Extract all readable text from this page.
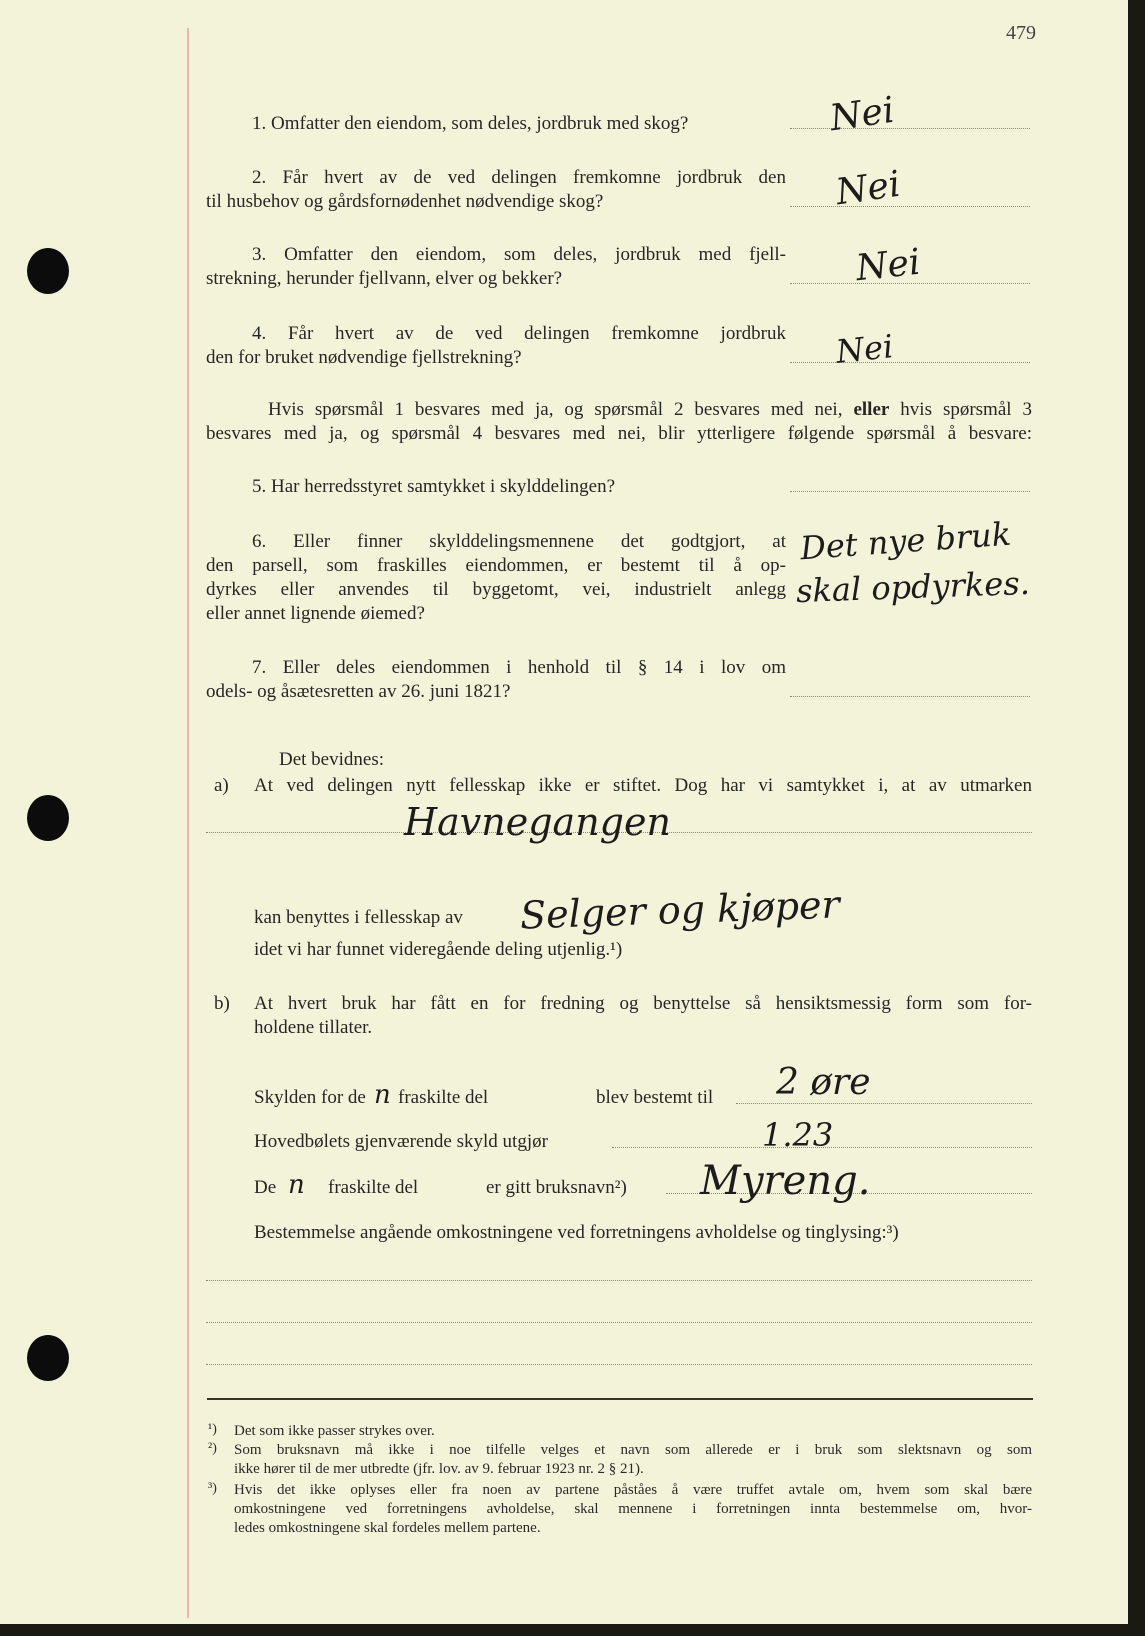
479
1. Omfatter den eiendom, som deles, jordbruk med skog?	Nei
2. Får hvert av de ved delingen fremkomne jordbruk den
til husbehov og gårdsfornødenhet nødvendige skog?	Nei
3. Omfatter den eiendom, som deles, jordbruk med fjell-
strekning, herunder fjellvann, elver og bekker?	Nei
4. Får hvert av de ved delingen fremkomne jordbruk
den for bruket nødvendige fjellstrekning?	Nei
Hvis spørsmål 1 besvares med ja, og spørsmål 2 besvares med nei, eller hvis spørsmål 3
besvares med ja, og spørsmål 4 besvares med nei, blir ytterligere følgende spørsmål å besvare:
5. Har herredsstyret samtykket i skylddelingen?
6. Eller finner skylddelingsmennene det godtgjort, at
den parsell, som fraskilles eiendommen, er bestemt til å op-
dyrkes eller anvendes til byggetomt, vei, industrielt anlegg
eller annet lignende øiemed?
Det nye bruk
skal opdyrkes.
7. Eller deles eiendommen i henhold til § 14 i lov om
odels- og åsætesretten av 26. juni 1821?
Det bevidnes:
a) At ved delingen nytt fellesskap ikke er stiftet. Dog har vi samtykket i, at av utmarken
Havnegangen
kan benyttes i fellesskap av Selger og kjøper
idet vi har funnet videregående deling utjenlig.¹)
b) At hvert bruk har fått en for fredning og benyttelse så hensiktsmessig form som for-
holdene tillater.
Skylden for de n fraskilte del	blev bestemt til 2 øre
Hovedbølets gjenværende skyld utgjør	1.23
De n fraskilte del	er gitt bruksnavn²) Myreng.
Bestemmelse angående omkostningene ved forretningens avholdelse og tinglysing:³)
¹) Det som ikke passer strykes over.
²) Som bruksnavn må ikke i noe tilfelle velges et navn som allerede er i bruk som slektsnavn og som
ikke hører til de mer utbredte (jfr. lov. av 9. februar 1923 nr. 2 § 21).
³) Hvis det ikke oplyses eller fra noen av partene påståes å være truffet avtale om, hvem som skal bære
omkostningene ved forretningens avholdelse, skal mennene i forretningen innta bestemmelse om, hvor-
ledes omkostningene skal fordeles mellem partene.
